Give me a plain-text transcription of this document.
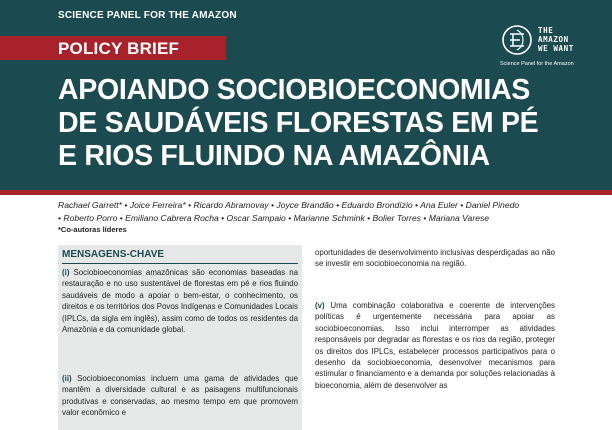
SCIENCE PANEL FOR THE AMAZON
POLICY BRIEF
THE
AMAZON
WE WANT
Science Panel for the Amazon
APOIANDO SOCIOBIOECONOMIAS
DE SAUDÁVEIS FLORESTAS EM PÉ
E RIOS FLUINDO NA AMAZÔNIA
Rachael Garrett* • Joice Ferreira* • Ricardo Abramovay • Joyce Brandão • Eduardo Brondízio • Ana Euler • Daniel Pinedo
• Roberto Porro • Emiliano Cabrera Rocha • Oscar Sampaio • Marianne Schmink • Bolier Torres • Mariana Varese
*Co-autoras líderes
MENSAGENS-CHAVE

(i) Sociobioeconomias amazônicas são economias baseadas na restauração e no uso sustentável de florestas em pé e rios fluindo saudáveis de modo a apoiar o bem-estar, o conhecimento, os direitos e os territórios dos Povos Indígenas e Comunidades Locais (IPLCs, da sigla em inglês), assim como de todos os residentes da Amazônia e da comunidade global.

(ii) Sociobioeconomias incluem uma gama de atividades que mantêm a diversidade cultural e as paisagens multifuncionais produtivas e conservadas, ao mesmo tempo em que promovem valor econômico e

oportunidades de desenvolvimento inclusivas desperdiçadas ao não se investir em sociobioeconomia na região.

(v) Uma combinação colaborativa e coerente de intervenções políticas é urgentemente necessária para apoiar as sociobioeconomias. Isso inclui interromper as atividades responsáveis por degradar as florestas e os rios da região, proteger os direitos dos IPLCs, estabelecer processos participativos para o desenho da sociobioeconomia, desenvolver mecanismos para estimular o financiamento e a demanda por soluções relacionadas à bioeconomia, além de desenvolver as
